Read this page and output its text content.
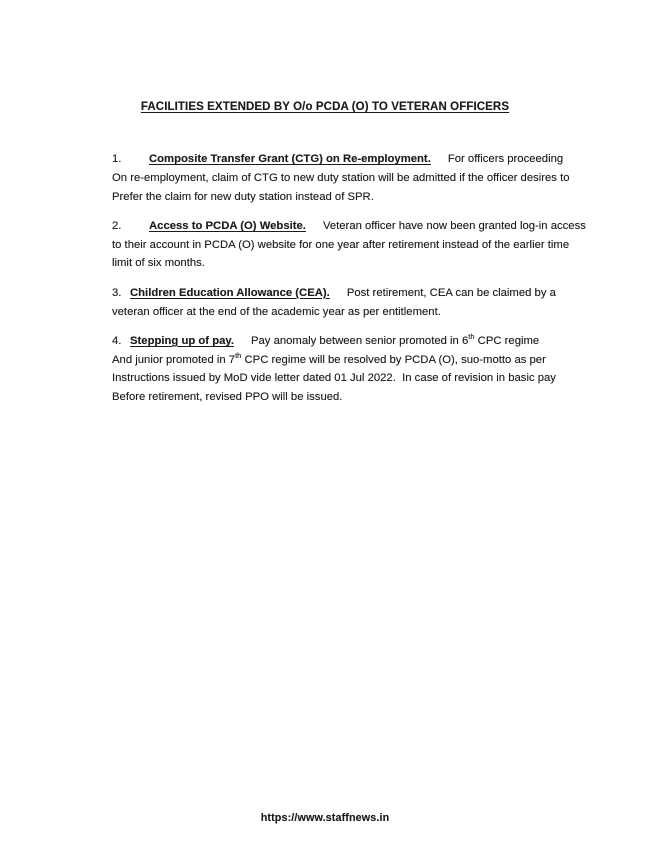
FACILITIES EXTENDED BY O/o PCDA (O) TO VETERAN OFFICERS
1. Composite Transfer Grant (CTG) on Re-employment. For officers proceeding
On re-employment, claim of CTG to new duty station will be admitted if the officer desires to
Prefer the claim for new duty station instead of SPR.
2. Access to PCDA (O) Website. Veteran officer have now been granted log-in access
to their account in PCDA (O) website for one year after retirement instead of the earlier time
limit of six months.
3. Children Education Allowance (CEA). Post retirement, CEA can be claimed by a
veteran officer at the end of the academic year as per entitlement.
4. Stepping up of pay. Pay anomaly between senior promoted in 6th CPC regime
And junior promoted in 7th CPC regime will be resolved by PCDA (O), suo-motto as per
Instructions issued by MoD vide letter dated 01 Jul 2022.  In case of revision in basic pay
Before retirement, revised PPO will be issued.
https://www.staffnews.in
